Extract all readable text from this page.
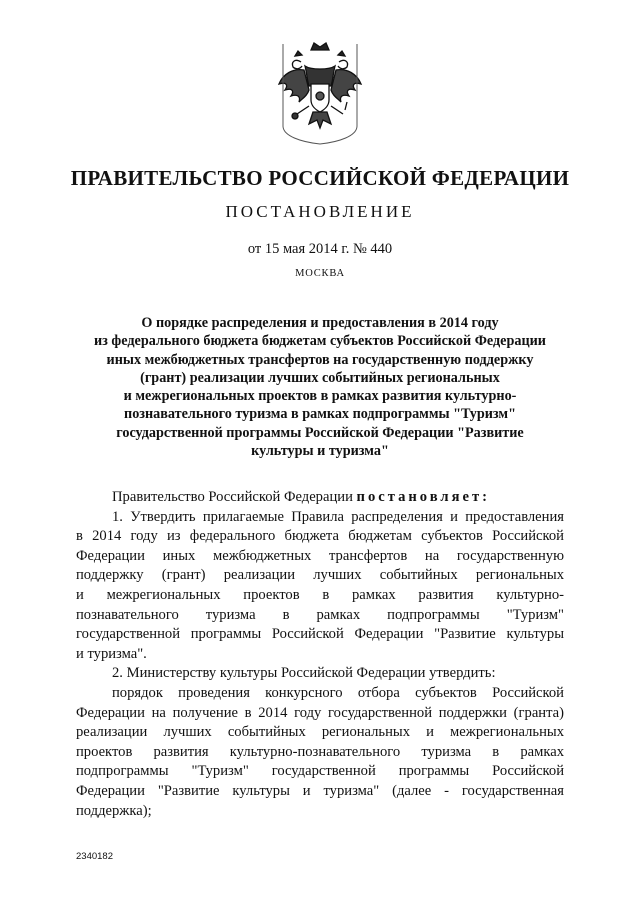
ПРАВИТЕЛЬСТВО РОССИЙСКОЙ ФЕДЕРАЦИИ
ПОСТАНОВЛЕНИЕ
от 15 мая 2014 г. № 440
МОСКВА
О порядке распределения и предоставления в 2014 году
из федерального бюджета бюджетам субъектов Российской Федерации
иных межбюджетных трансфертов на государственную поддержку
(грант) реализации лучших событийных региональных
и межрегиональных проектов в рамках развития культурно-
познавательного туризма в рамках подпрограммы "Туризм"
государственной программы Российской Федерации "Развитие
культуры и туризма"
Правительство Российской Федерации постановляет:
1. Утвердить прилагаемые Правила распределения и предоставления
в 2014 году из федерального бюджета бюджетам субъектов Российской
Федерации иных межбюджетных трансфертов на государственную
поддержку (грант) реализации лучших событийных региональных
и межрегиональных проектов в рамках развития культурно-
познавательного туризма в рамках подпрограммы "Туризм"
государственной программы Российской Федерации "Развитие культуры
и туризма".
2. Министерству культуры Российской Федерации утвердить:
порядок проведения конкурсного отбора субъектов Российской
Федерации на получение в 2014 году государственной поддержки (гранта)
реализации лучших событийных региональных и межрегиональных
проектов развития культурно-познавательного туризма в рамках
подпрограммы "Туризм" государственной программы Российской
Федерации "Развитие культуры и туризма" (далее - государственная
поддержка);
2340182
